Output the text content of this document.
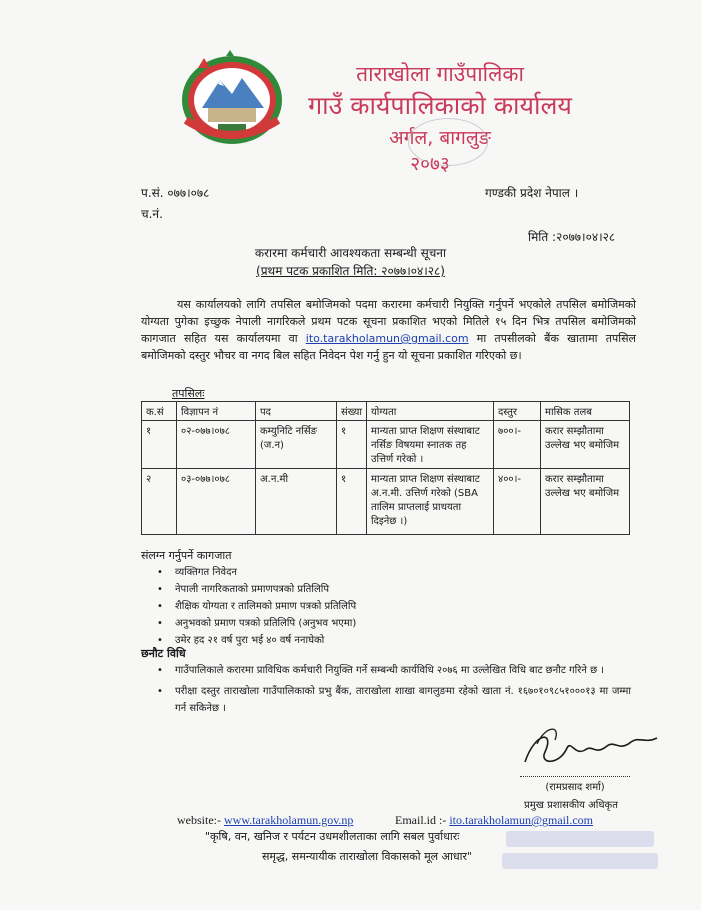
ताराखोला गाउँपालिका
गाउँ कार्यपालिकाको कार्यालय
अर्गल, बागलुङ
२०७३
प.सं. ०७७।०७८
च.नं.
गण्डकी प्रदेश नेपाल ।
मिति :२०७७।०४।२८
करारमा कर्मचारी आवश्यकता सम्बन्धी सूचना
(प्रथम पटक प्रकाशित मिति: २०७७।०४।२८)
यस कार्यालयको लागि तपसिल बमोजिमको पदमा करारमा कर्मचारी नियुक्ति गर्नुपर्ने भएकोले तपसिल बमोजिमको योग्यता पुगेका इच्छुक नेपाली नागरिकले प्रथम पटक सूचना प्रकाशित भएको मितिले १५ दिन भित्र तपसिल बमोजिमको कागजात सहित यस कार्यालयमा वा ito.tarakholamun@gmail.com मा तपसीलको बैंक खातामा तपसिल बमोजिमको दस्तुर भौचर वा नगद बिल सहित निवेदन पेश गर्नु हुन यो सूचना प्रकाशित गरिएको छ।
तपसिलः
क.सं	विज्ञापन नं	पद	संख्या	योग्यता	दस्तुर	मासिक तलब
१	०२-०७७।०७८	कम्युनिटि नर्सिङ (ज.न)	१	मान्यता प्राप्त शिक्षण संस्थाबाट नर्सिङ विषयमा स्नातक तह उत्तिर्ण गरेको ।	७००।-	करार सम्झौतामा उल्लेख भए बमोजिम
२	०३-०७७।०७८	अ.न.मी	१	मान्यता प्राप्त शिक्षण संस्थाबाट अ.न.मी. उत्तिर्ण गरेको (SBA तालिम प्राप्तलाई प्राथयता दिइनेछ ।)	४००।-	करार सम्झौतामा उल्लेख भए बमोजिम
संलग्न गर्नुपर्ने कागजात
• व्यक्तिगत निवेदन
• नेपाली नागरिकताको प्रमाणपत्रको प्रतिलिपि
• शैक्षिक योग्यता र तालिमको प्रमाण पत्रको प्रतिलिपि
• अनुभवको प्रमाण पत्रको प्रतिलिपि (अनुभव भएमा)
• उमेर हद २१ वर्ष पुरा भई ४० वर्ष ननाघेको
छनौट विधि
• गाउँपालिकाले करारमा प्राविधिक कर्मचारी नियुक्ति गर्ने सम्बन्धी कार्यविधि २०७६ मा उल्लेखित विधि बाट छनौट गरिने छ ।
• परीक्षा दस्तुर ताराखोला गाउँपालिकाको प्रभु बैंक, ताराखोला शाखा बागलुङमा रहेको खाता नं. १६७०१०९८५१०००१३ मा जम्मा गर्न सकिनेछ ।
(रामप्रसाद शर्मा)
प्रमुख प्रशासकीय अधिकृत
website:- www.tarakholamun.gov.np	Email.id :- ito.tarakholamun@gmail.com
"कृषि, वन, खनिज र पर्यटन उधमशीलताका लागि सबल पुर्वाधारः
समृद्ध, समन्यायीक ताराखोला विकासको मूल आधार"
